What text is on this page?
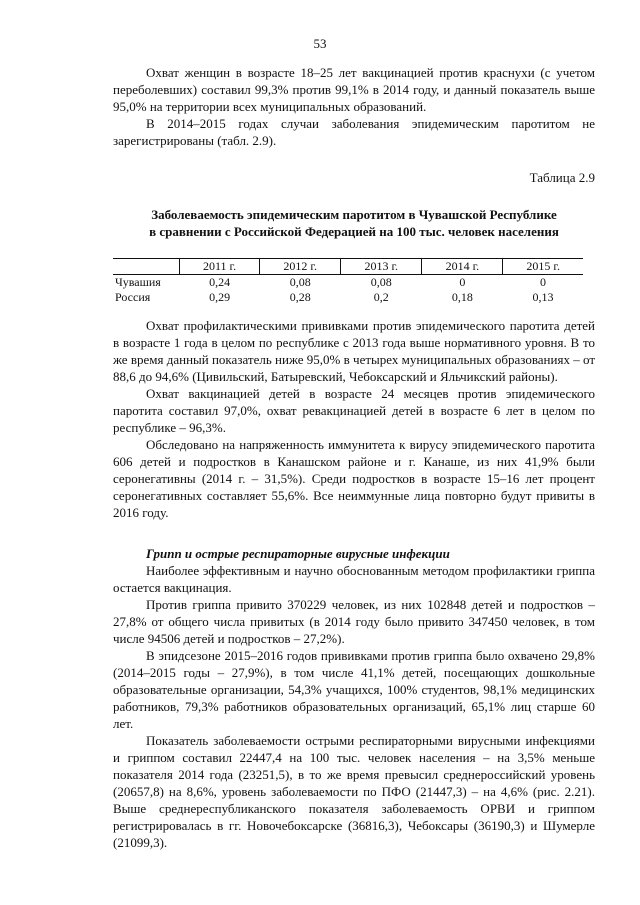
53

Охват женщин в возрасте 18–25 лет вакцинацией против краснухи (с учетом переболевших) составил 99,3% против 99,1% в 2014 году, и данный показатель выше 95,0% на территории всех муниципальных образований.

В 2014–2015 годах случаи заболевания эпидемическим паротитом не зарегистрированы (табл. 2.9).

Таблица 2.9

Заболеваемость эпидемическим паротитом в Чувашской Республике
в сравнении с Российской Федерацией на 100 тыс. человек населения

	2011 г.	2012 г.	2013 г.	2014 г.	2015 г.
Чувашия	0,24	0,08	0,08	0	0
Россия	0,29	0,28	0,2	0,18	0,13

Охват профилактическими прививками против эпидемического паротита детей в возрасте 1 года в целом по республике с 2013 года выше нормативного уровня. В то же время данный показатель ниже 95,0% в четырех муниципальных образованиях – от 88,6 до 94,6% (Цивильский, Батыревский, Чебоксарский и Яльчикский районы).

Охват вакцинацией детей в возрасте 24 месяцев против эпидемического паротита составил 97,0%, охват ревакцинацией детей в возрасте 6 лет в целом по республике – 96,3%.

Обследовано на напряженность иммунитета к вирусу эпидемического паротита 606 детей и подростков в Канашском районе и г. Канаше, из них 41,9% были серонегативны (2014 г. – 31,5%). Среди подростков в возрасте 15–16 лет процент серонегативных составляет 55,6%. Все неиммунные лица повторно будут привиты в 2016 году.

Грипп и острые респираторные вирусные инфекции

Наиболее эффективным и научно обоснованным методом профилактики гриппа остается вакцинация.

Против гриппа привито 370229 человек, из них 102848 детей и подростков – 27,8% от общего числа привитых (в 2014 году было привито 347450 человек, в том числе 94506 детей и подростков – 27,2%).

В эпидсезоне 2015–2016 годов прививками против гриппа было охвачено 29,8% (2014–2015 годы – 27,9%), в том числе 41,1% детей, посещающих дошкольные образовательные организации, 54,3% учащихся, 100% студентов, 98,1% медицинских работников, 79,3% работников образовательных организаций, 65,1% лиц старше 60 лет.

Показатель заболеваемости острыми респираторными вирусными инфекциями и гриппом составил 22447,4 на 100 тыс. человек населения – на 3,5% меньше показателя 2014 года (23251,5), в то же время превысил среднероссийский уровень (20657,8) на 8,6%, уровень заболеваемости по ПФО (21447,3) – на 4,6% (рис. 2.21). Выше среднереспубликанского показателя заболеваемость ОРВИ и гриппом регистрировалась в гг. Новочебоксарске (36816,3), Чебоксары (36190,3) и Шумерле (21099,3).
